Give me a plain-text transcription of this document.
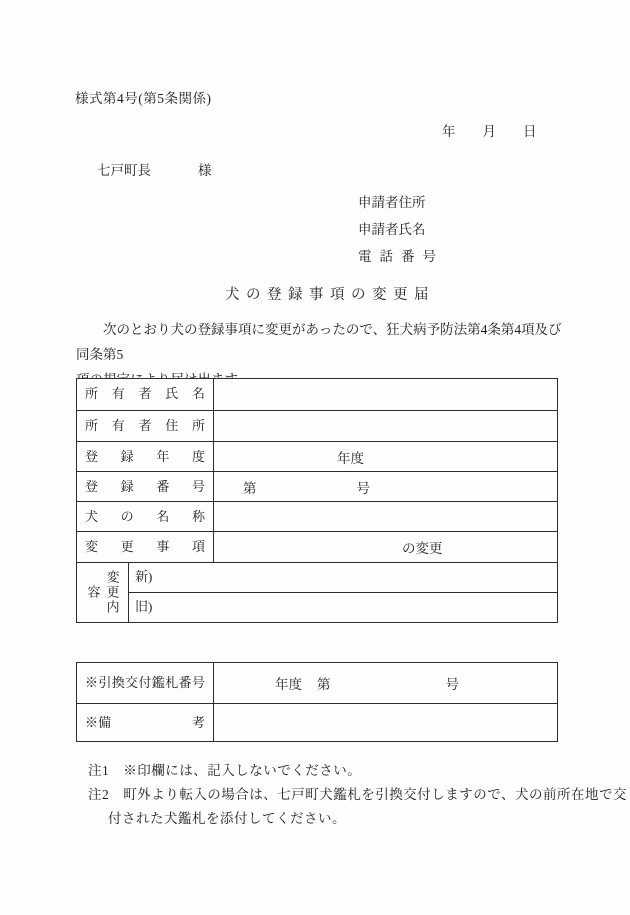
様式第4号(第5条関係)
年　　月　　日
七戸町長	様
申請者住所
申請者氏名
電 話 番 号
犬の登録事項の変更届
次のとおり犬の登録事項に変更があったので、狂犬病予防法第4条第4項及び同条第5
所 有 者 氏 名
所 有 者 住 所
登 録 年 度	年度
登 録 番 号	第	号
犬 の 名 称
変 更 事 項	の変更
変更内容
新)
旧)
※引換交付鑑札番号	年度 第	号
※備	考
注1　※印欄には、記入しないでください。
注2　町外より転入の場合は、七戸町犬鑑札を引換交付しますので、犬の前所在地で交
付された犬鑑札を添付してください。
